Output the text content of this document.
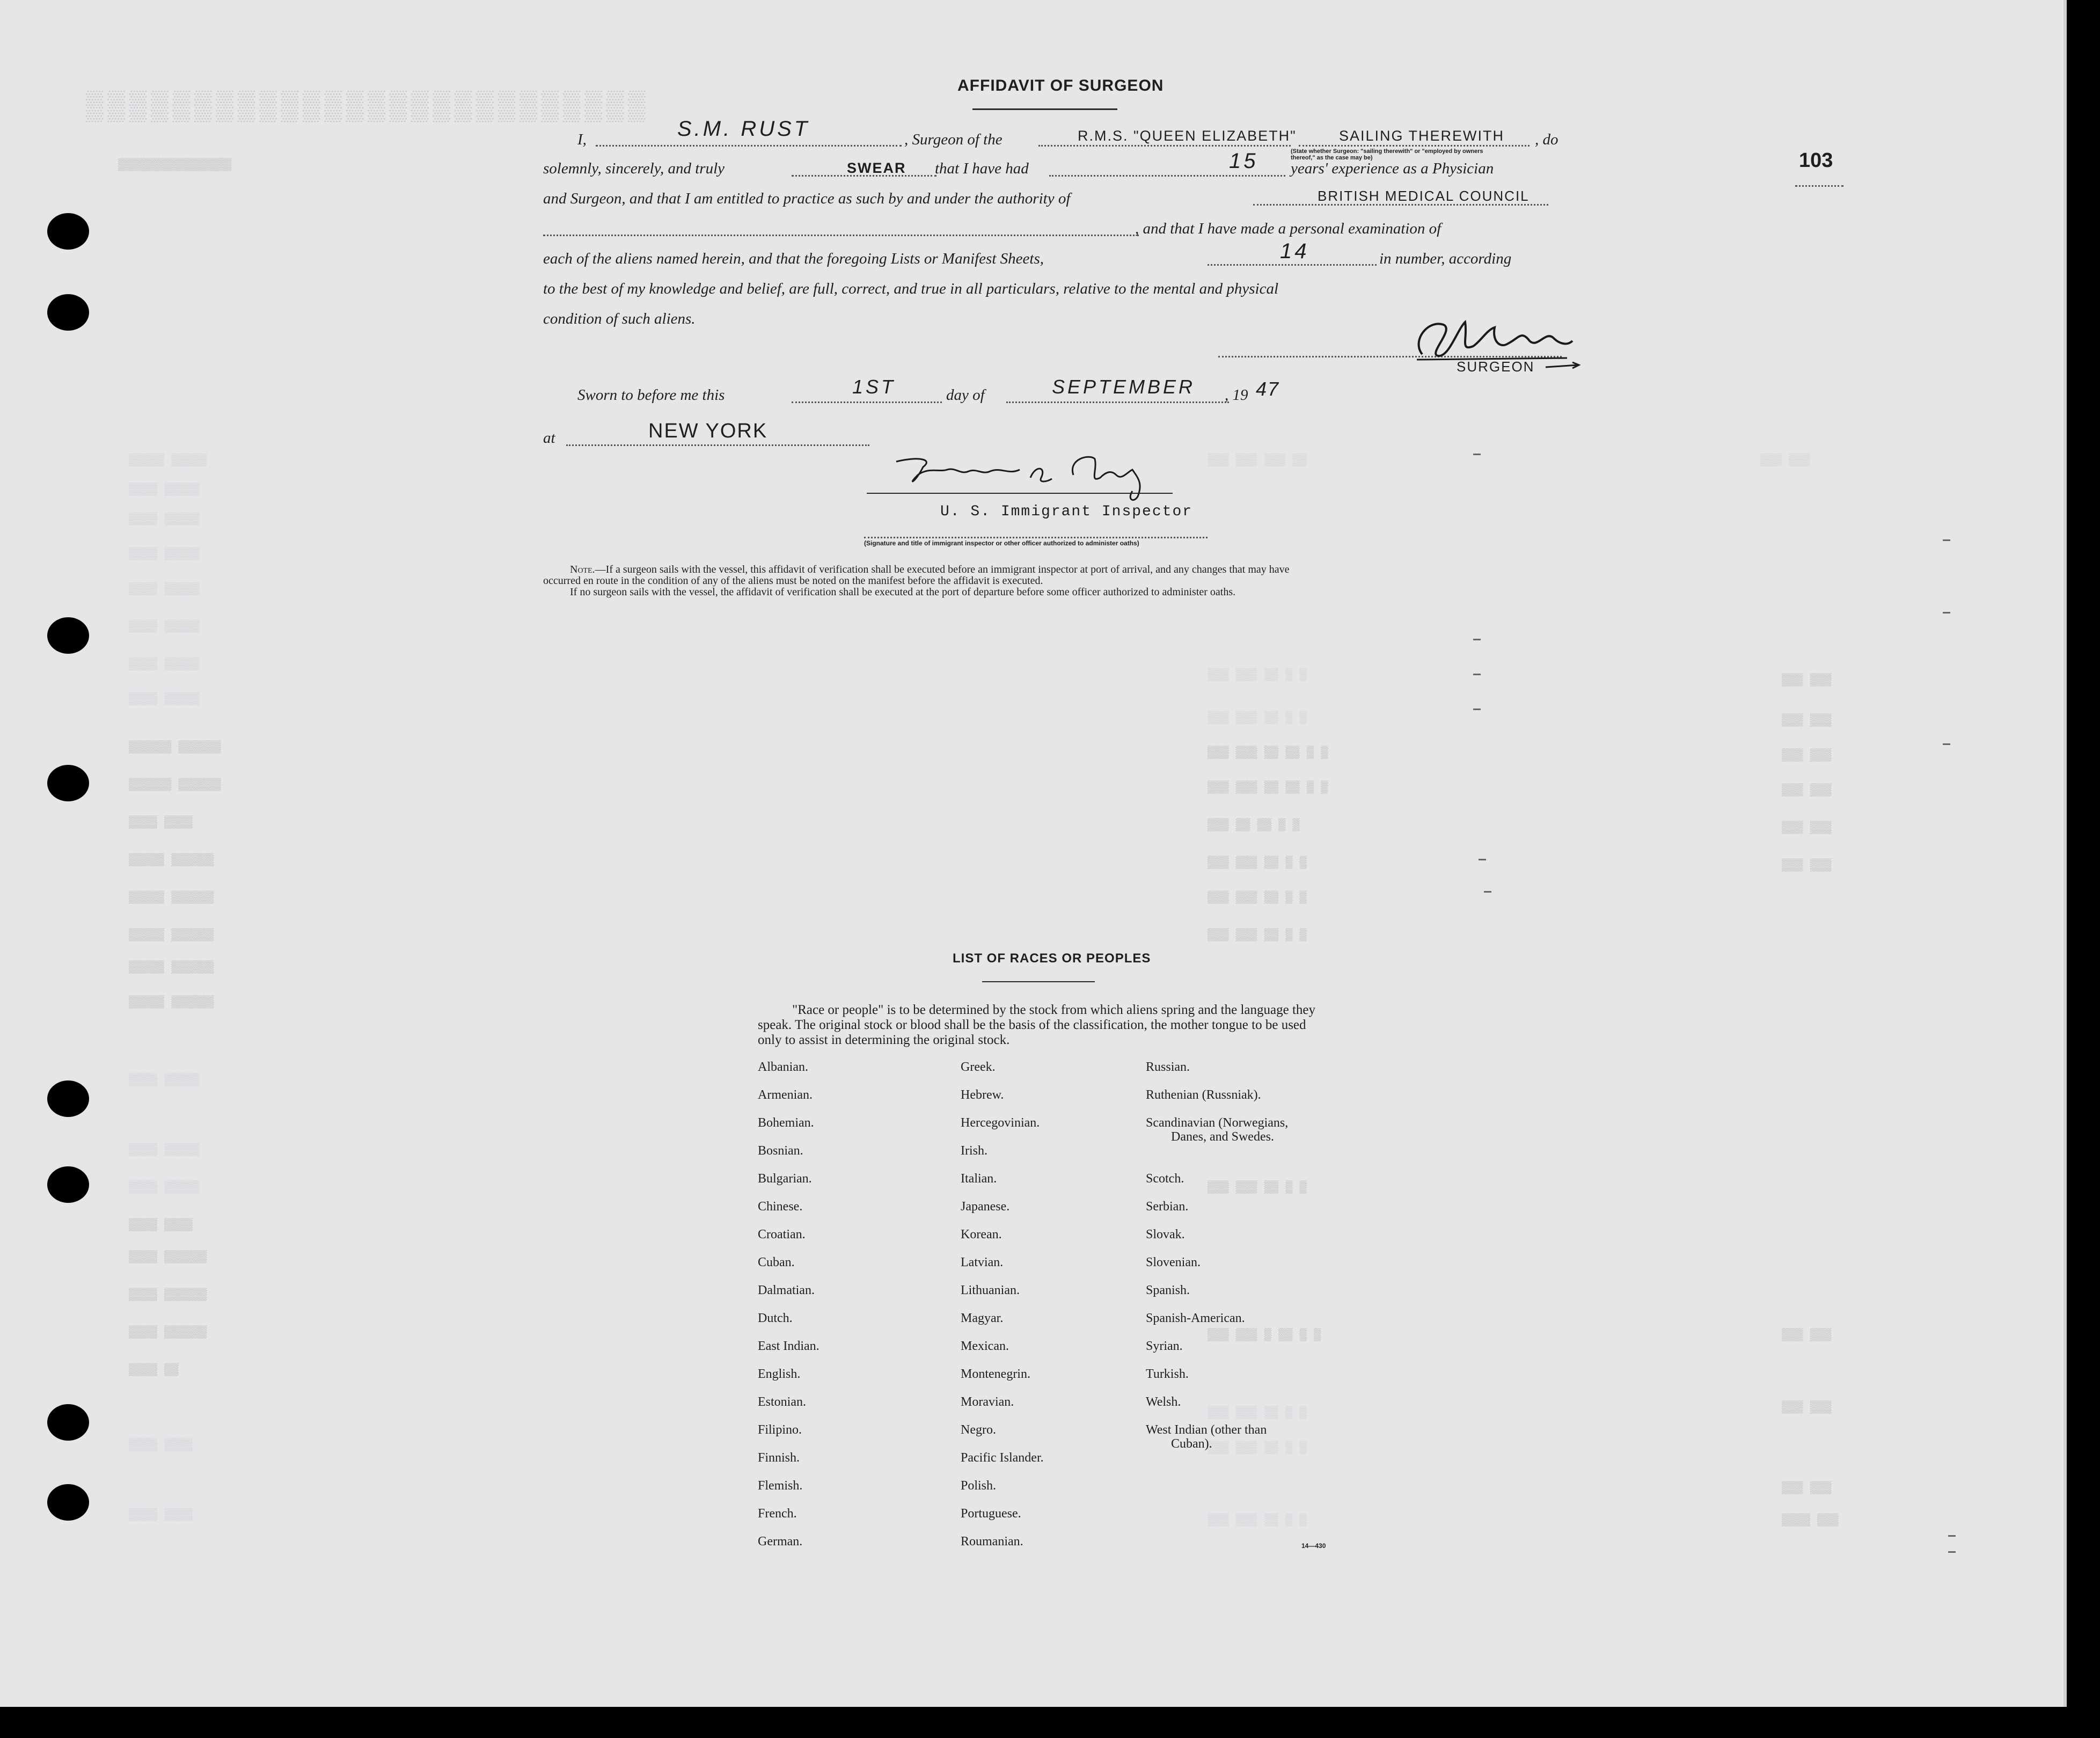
▒▒▒▒▒▒▒▒▒▒▒▒▒▒▒▒▒▒▒▒▒▒▒▒▒▒
▒▒▒▒▒▒▒▒▒▒▒▒▒▒▒▒
▒▒▒▒▒ ▒▒▒▒▒
▒▒▒▒ ▒▒▒▒▒
▒▒▒▒ ▒▒▒▒▒
▒▒▒▒ ▒▒▒▒▒
▒▒▒▒ ▒▒▒▒▒
▒▒▒▒ ▒▒▒▒▒
▒▒▒▒ ▒▒▒▒▒
▒▒▒▒ ▒▒▒▒▒
▒▒▒▒▒▒ ▒▒▒▒▒▒
▒▒▒▒▒▒ ▒▒▒▒▒▒
▒▒▒▒ ▒▒▒▒
▒▒▒▒▒ ▒▒▒▒▒▒
▒▒▒▒▒ ▒▒▒▒▒▒
▒▒▒▒▒ ▒▒▒▒▒▒
▒▒▒▒▒ ▒▒▒▒▒▒
▒▒▒▒▒ ▒▒▒▒▒▒
▒▒▒▒ ▒▒▒▒▒
▒▒▒▒ ▒▒▒▒▒
▒▒▒▒ ▒▒▒▒▒
▒▒▒▒ ▒▒▒▒
▒▒▒▒ ▒▒▒▒▒▒
▒▒▒▒ ▒▒▒▒▒▒
▒▒▒▒ ▒▒▒▒▒▒
▒▒▒▒ ▒▒
▒▒▒▒ ▒▒▒▒
▒▒▒▒ ▒▒▒▒
▒▒▒ ▒▒▒ ▒▒▒ ▒▒
▒▒▒ ▒▒▒ ▒▒ ▒ ▒
▒▒▒ ▒▒▒ ▒▒ ▒ ▒
▒▒▒ ▒▒▒ ▒▒ ▒▒ ▒ ▒
▒▒▒ ▒▒▒ ▒▒ ▒▒ ▒ ▒
▒▒▒ ▒▒ ▒▒ ▒ ▒
▒▒▒ ▒▒▒ ▒▒ ▒ ▒
▒▒▒ ▒▒▒ ▒▒ ▒ ▒
▒▒▒ ▒▒▒ ▒▒ ▒ ▒
▒▒▒ ▒▒▒ ▒▒ ▒ ▒
▒▒▒ ▒▒▒ ▒ ▒▒ ▒ ▒
▒▒▒ ▒▒▒ ▒▒ ▒ ▒
▒▒▒ ▒▒▒ ▒▒ ▒ ▒
▒▒▒ ▒▒▒ ▒▒ ▒ ▒
▒▒▒ ▒▒▒
▒▒▒ ▒▒▒
▒▒▒ ▒▒▒
▒▒▒ ▒▒▒
▒▒▒ ▒▒▒
▒▒▒ ▒▒▒
▒▒▒ ▒▒▒
▒▒▒ ▒▒▒
▒▒▒ ▒▒▒
▒▒▒ ▒▒▒
▒▒▒▒ ▒▒▒
103
AFFIDAVIT OF SURGEON
I,	S.M. RUST	, Surgeon of the	R.M.S. "QUEEN ELIZABETH"	SAILING THEREWITH , do
(State whether Surgeon: "sailing therewith" or "employed by owners thereof," as the case may be)
solemnly, sincerely, and truly	SWEAR that I have had	15 years' experience as a Physician
and Surgeon, and that I am entitled to practice as such by and under the authority of	BRITISH MEDICAL COUNCIL
, and that I have made a personal examination of
each of the aliens named herein, and that the foregoing Lists or Manifest Sheets,	14	in number, according
to the best of my knowledge and belief, are full, correct, and true in all particulars, relative to the mental and physical
condition of such aliens.
SURGEON
Sworn to before me this	1ST	day of	SEPTEMBER , 19 47
at	NEW YORK
U. S. Immigrant Inspector
(Signature and title of immigrant inspector or other officer authorized to administer oaths)
Note.—If a surgeon sails with the vessel, this affidavit of verification shall be executed before an immigrant inspector at port of arrival, and any changes that may have
occurred en route in the condition of any of the aliens must be noted on the manifest before the affidavit is executed.
If no surgeon sails with the vessel, the affidavit of verification shall be executed at the port of departure before some officer authorized to administer oaths.
LIST OF RACES OR PEOPLES
"Race or people" is to be determined by the stock from which aliens spring and the language they speak. The original stock or blood shall be the basis of the classification, the mother tongue to be used only to assist in determining the original stock.
Albanian.
Armenian.
Bohemian.
Bosnian.
Bulgarian.
Chinese.
Croatian.
Cuban.
Dalmatian.
Dutch.
East Indian.
English.
Estonian.
Filipino.
Finnish.
Flemish.
French.
German.
Greek.
Hebrew.
Hercegovinian.
Irish.
Italian.
Japanese.
Korean.
Latvian.
Lithuanian.
Magyar.
Mexican.
Montenegrin.
Moravian.
Negro.
Pacific Islander.
Polish.
Portuguese.
Roumanian.
Russian.
Ruthenian (Russniak).
Scandinavian (Norwegians,
Danes, and Swedes.
Scotch.
Serbian.
Slovak.
Slovenian.
Spanish.
Spanish-American.
Syrian.
Turkish.
Welsh.
West Indian (other than
Cuban).
14—430
